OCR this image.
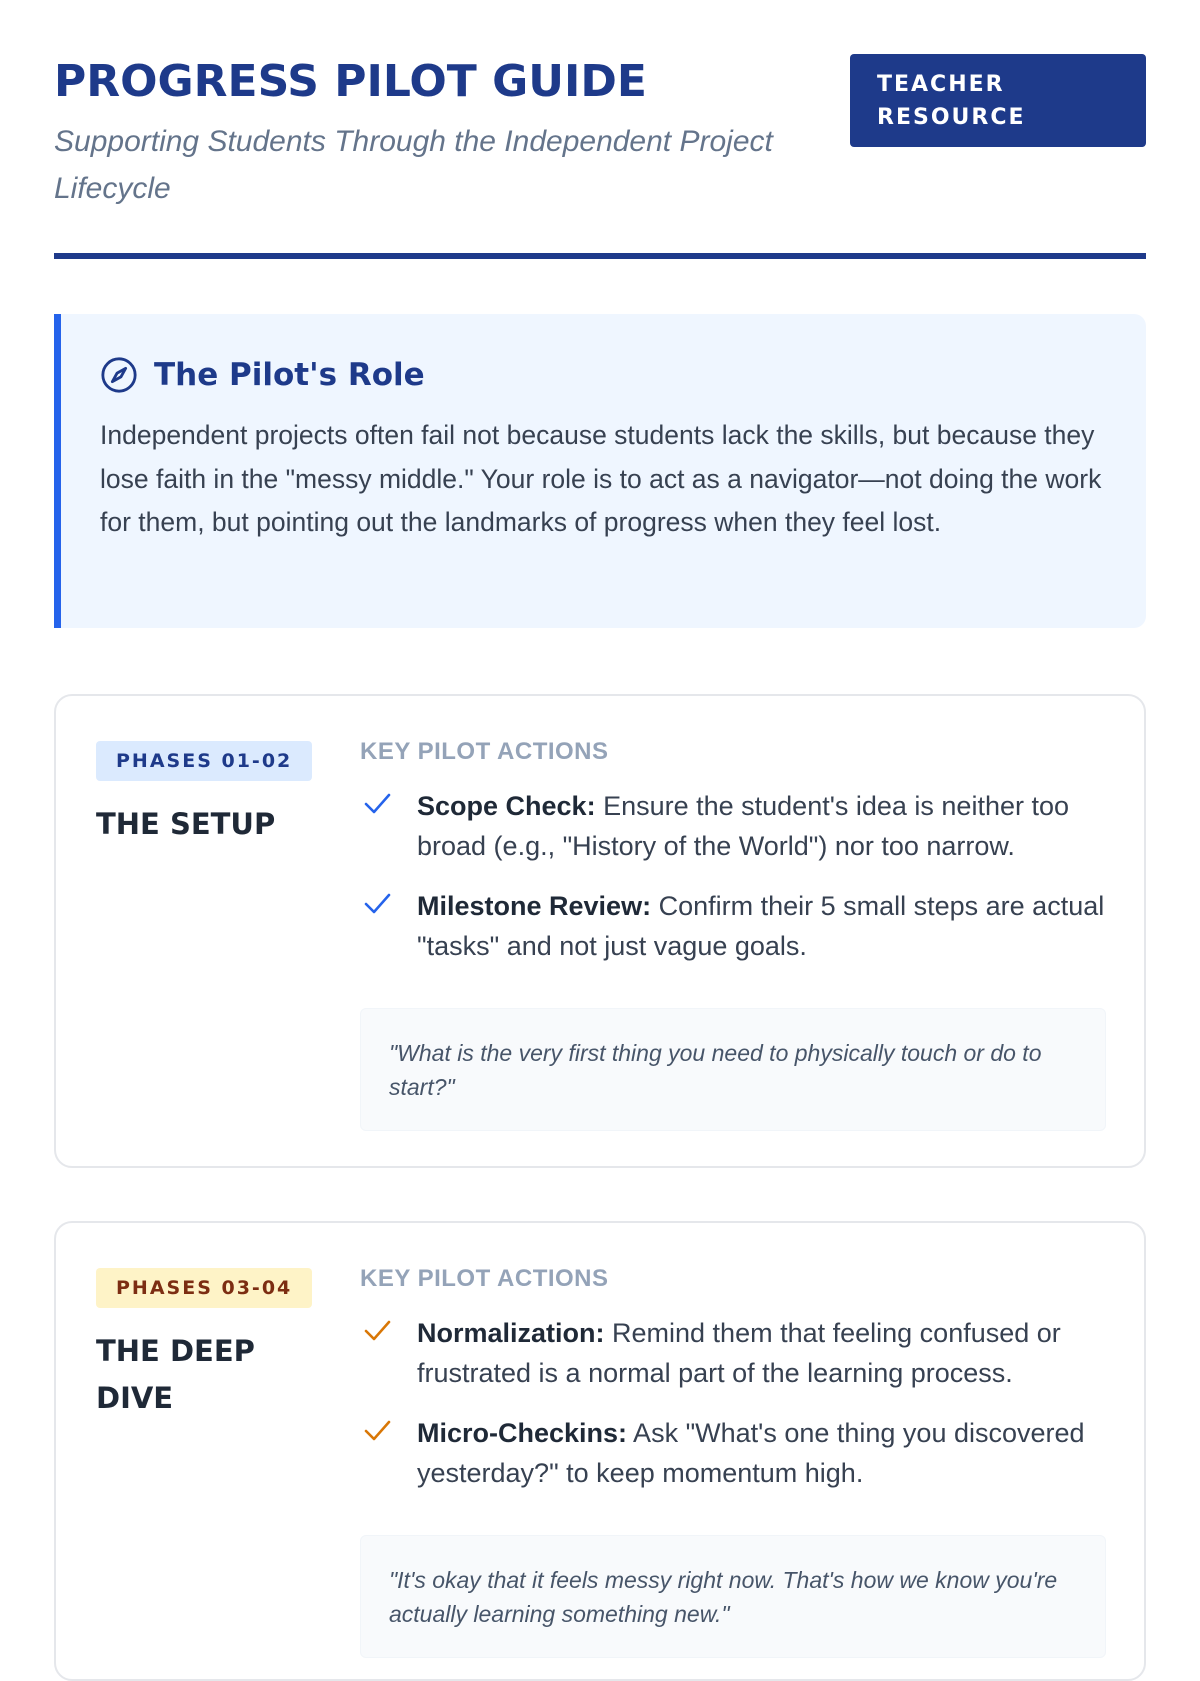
PROGRESS PILOT GUIDE

Supporting Students Through the Independent Project Lifecycle

TEACHER RESOURCE
The Pilot's Role

Independent projects often fail not because students lack the skills, but because they lose faith in the "messy middle." Your role is to act as a navigator—not doing the work for them, but pointing out the landmarks of progress when they feel lost.

PHASES 01-02
THE SETUP

KEY PILOT ACTIONS

Scope Check: Ensure the student's idea is neither too broad (e.g., "History of the World") nor too narrow.

Milestone Review: Confirm their 5 small steps are actual "tasks" and not just vague goals.

"What is the very first thing you need to physically touch or do to start?"
PHASES 03-04
THE DEEP DIVE

KEY PILOT ACTIONS

Normalization: Remind them that feeling confused or frustrated is a normal part of the learning process.

Micro-Checkins: Ask "What's one thing you discovered yesterday?" to keep momentum high.

"It's okay that it feels messy right now. That's how we know you're actually learning something new."
